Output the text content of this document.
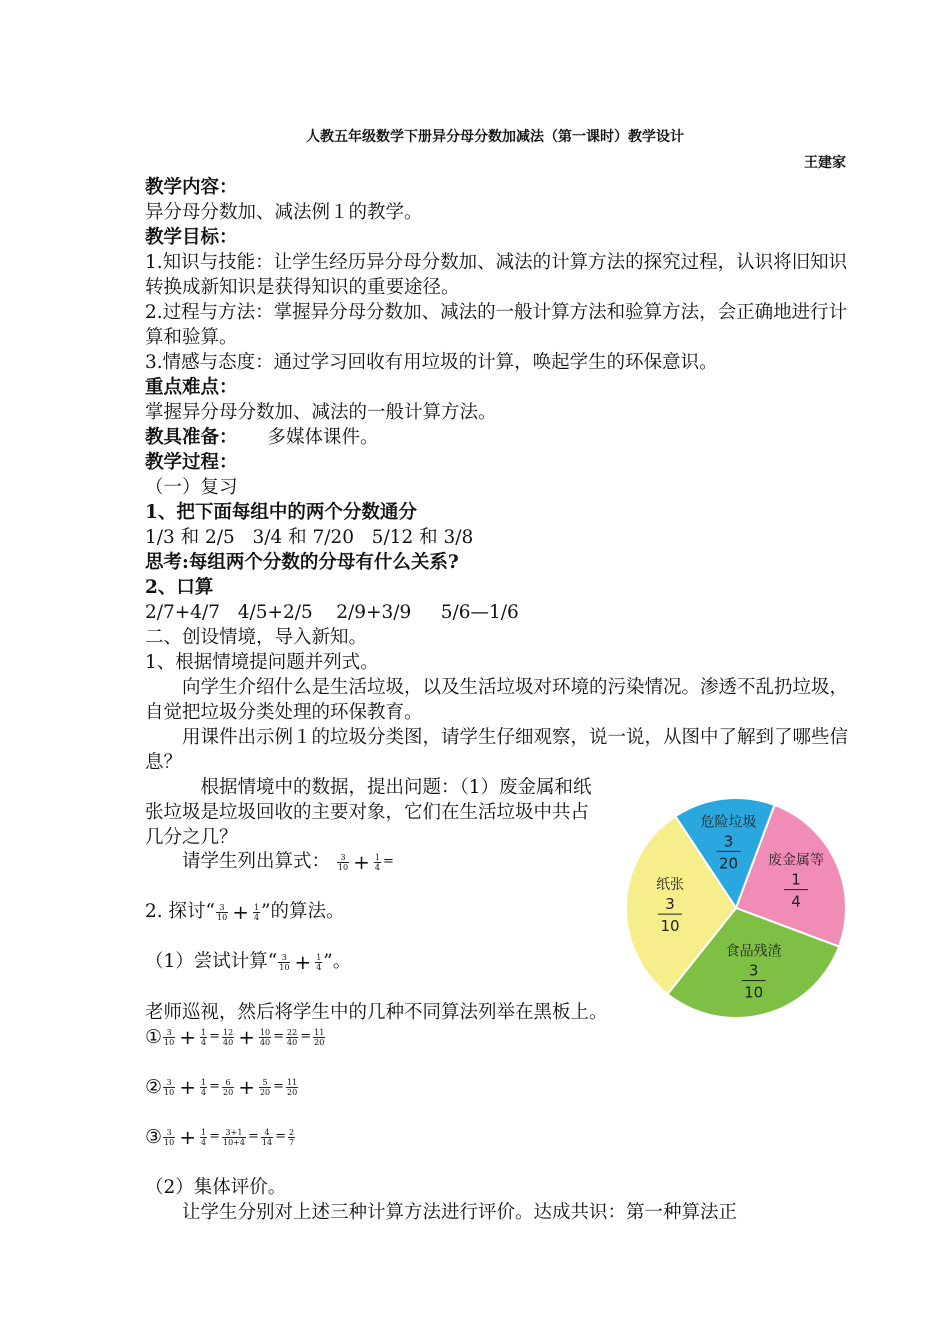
人教五年级数学下册异分母分数加减法（第一课时）教学设计
王建家

教学内容：

异分母分数加、减法例１的教学。

教学目标：

1.知识与技能：让学生经历异分母分数加、减法的计算方法的探究过程，认识将旧知识转换成新知识是获得知识的重要途径。

2.过程与方法：掌握异分母分数加、减法的一般计算方法和验算方法，会正确地进行计算和验算。

3.情感与态度：通过学习回收有用垃圾的计算，唤起学生的环保意识。

重点难点：

掌握异分母分数加、减法的一般计算方法。

教具准备： 多媒体课件。

教学过程：

（一）复习

1、把下面每组中的两个分数通分

1/3 和 2/5   3/4 和 7/20   5/12 和 3/8

思考:每组两个分数的分母有什么关系?

2、口算

2/7+4/7   4/5+2/5    2/9+3/9     5/6—1/6

二、创设情境，导入新知。

1、根据情境提问题并列式。

向学生介绍什么是生活垃圾，以及生活垃圾对环境的污染情况。渗透不乱扔垃圾，自觉把垃圾分类处理的环保教育。

用课件出示例１的垃圾分类图，请学生仔细观察，说一说，从图中了解到了哪些信息？

根据情境中的数据，提出问题：（1）废金属和纸张垃圾是垃圾回收的主要对象，它们在生活垃圾中共占几分之几？

请学生列出算式： $\frac{3}{10} + \frac{1}{4}$ =

2. 探讨“ $\frac{3}{10} + \frac{1}{4}$ ”的算法。

（1）尝试计算“ $\frac{3}{10} + \frac{1}{4}$ ”。

老师巡视，然后将学生中的几种不同算法列举在黑板上。

① $\frac{3}{10} + \frac{1}{4} = \frac{12}{40} + \frac{10}{40} = \frac{22}{40} = \frac{11}{20}$

② $\frac{3}{10} + \frac{1}{4} = \frac{6}{20} + \frac{5}{20} = \frac{11}{20}$

③ $\frac{3}{10} + \frac{1}{4} = \frac{3+1}{10+4} = \frac{4}{14} = \frac{2}{7}$

（2）集体评价。

让学生分别对上述三种计算方法进行评价。达成共识：第一种算法正

危险垃圾
3
20 废金属等
1
4
食品残渣
3
10
纸张
3
10
